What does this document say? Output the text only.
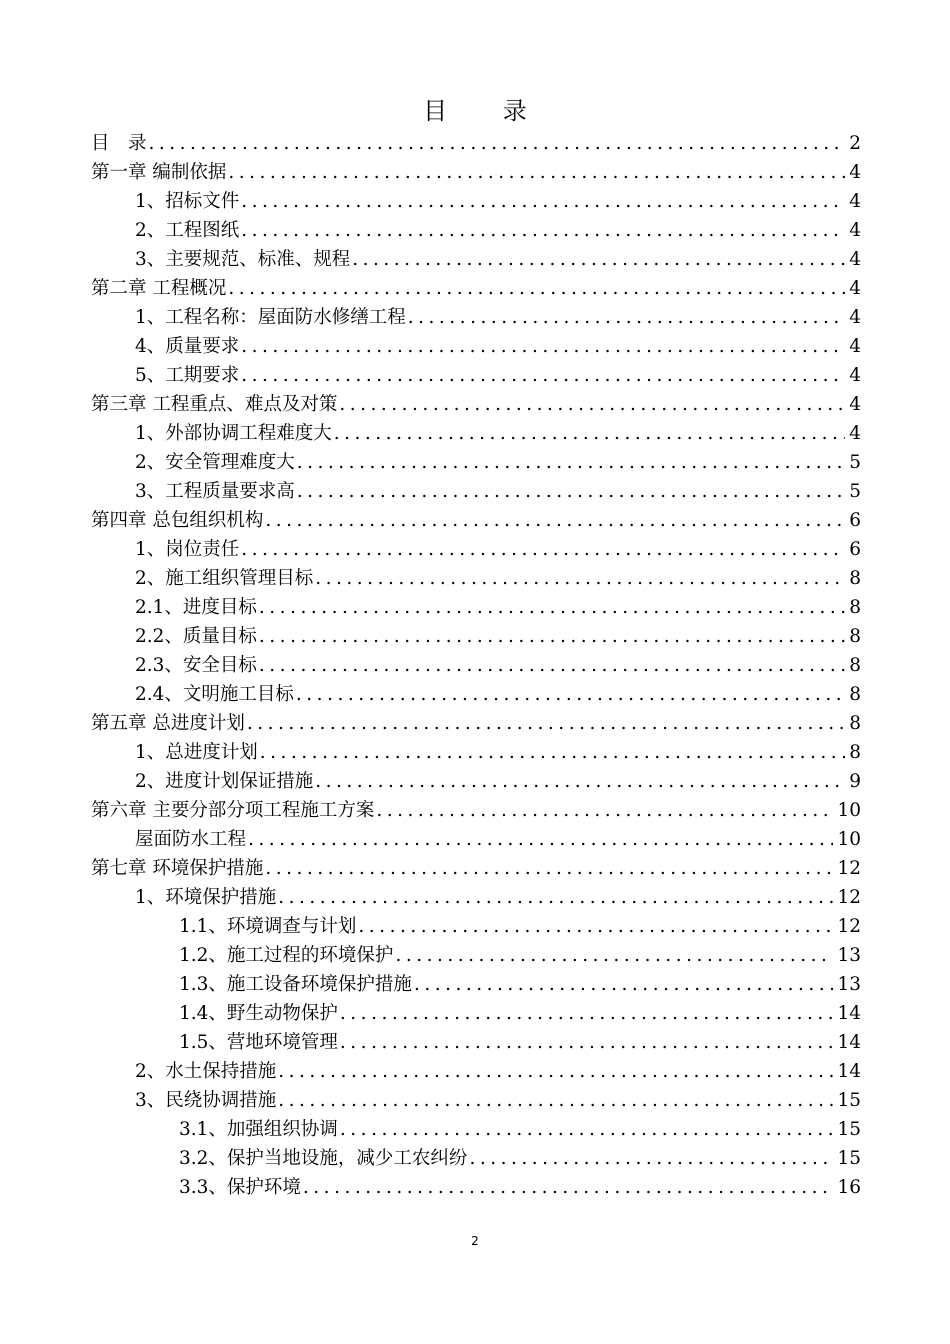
目 录
目　录 .....	2
第一章 编制依据 .....	4
1、招标文件 .....	4
2、工程图纸 .....	4
3、主要规范、标准、规程 .....	4
第二章 工程概况 .....	4
1、工程名称：屋面防水修缮工程 .....	4
4、质量要求 .....	4
5、工期要求 .....	4
第三章 工程重点、难点及对策 .....	4
1、外部协调工程难度大 .....	4
2、安全管理难度大 .....	5
3、工程质量要求高 .....	5
第四章 总包组织机构 .....	6
1、岗位责任 .....	6
2、施工组织管理目标 .....	8
2.1、进度目标 .....	8
2.2、质量目标 .....	8
2.3、安全目标 .....	8
2.4、文明施工目标 .....	8
第五章 总进度计划 .....	8
1、总进度计划 .....	8
2、进度计划保证措施 .....	9
第六章 主要分部分项工程施工方案 .....	10
屋面防水工程 .....	10
第七章 环境保护措施 .....	12
1、环境保护措施 .....	12
1.1、环境调查与计划 .....	12
1.2、施工过程的环境保护 .....	13
1.3、施工设备环境保护措施 .....	13
1.4、野生动物保护 .....	14
1.5、营地环境管理 .....	14
2、水土保持措施 .....	14
3、民绕协调措施 .....	15
3.1、加强组织协调 .....	15
3.2、保护当地设施，减少工农纠纷 .....	15
3.3、保护环境 .....	16
2
